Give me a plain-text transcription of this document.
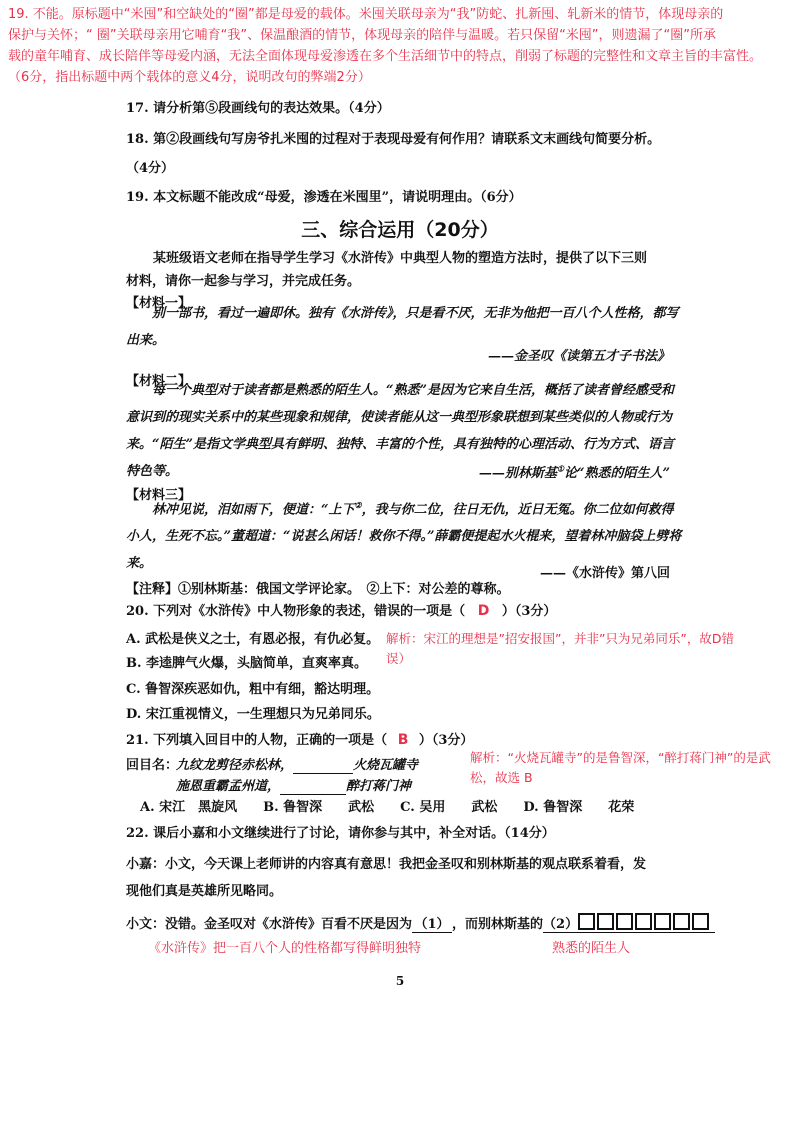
19. 不能。原标题中“米囤”和空缺处的“圈”都是母爱的载体。米囤关联母亲为“我”防蛇、扎新囤、轧新米的情节，体现母亲的
保护与关怀；“ 圈”关联母亲用它哺育“我”、保温酿酒的情节，体现母亲的陪伴与温暖。若只保留“米囤”，则遗漏了“圈”所承
载的童年哺育、成长陪伴等母爱内涵，无法全面体现母爱渗透在多个生活细节中的特点，削弱了标题的完整性和文章主旨的丰富性。
（6分，指出标题中两个载体的意义4分，说明改句的弊端2分）
17. 请分析第⑤段画线句的表达效果。（4分）
18. 第②段画线句写房爷扎米囤的过程对于表现母爱有何作用？请联系文末画线句简要分析。
（4分）
19. 本文标题不能改成“母爱，渗透在米囤里”，请说明理由。（6分）
三、综合运用（20分）
某班级语文老师在指导学生学习《水浒传》中典型人物的塑造方法时，提供了以下三则
材料，请你一起参与学习，并完成任务。
【材料一】
别一部书，看过一遍即休。独有《水浒传》，只是看不厌，无非为他把一百八个人性格，都写出来。
——金圣叹《读第五才子书法》
【材料二】
每一个典型对于读者都是熟悉的陌生人。“熟悉”是因为它来自生活，概括了读者曾经感受和意识到的现实关系中的某些现象和规律，使读者能从这一典型形象联想到某些类似的人物或行为来。“陌生”是指文学典型具有鲜明、独特、丰富的个性，具有独特的心理活动、行为方式、语言特色等。	——别林斯基①论“熟悉的陌生人”
【材料三】
林冲见说，泪如雨下，便道：“上下②，我与你二位，往日无仇，近日无冤。你二位如何救得小人，生死不忘。”董超道：“说甚么闲话！救你不得。”薛霸便提起水火棍来，望着林冲脑袋上劈将来。
——《水浒传》第八回
【注释】①别林斯基：俄国文学评论家。　②上下：对公差的尊称。
20. 下列对《水浒传》中人物形象的表述，错误的一项是（ D ）（3分）
A. 武松是侠义之士，有恩必报，有仇必复。
B. 李逵脾气火爆，头脑简单，直爽率真。
C. 鲁智深疾恶如仇，粗中有细，豁达明理。
D. 宋江重视情义，一生理想只为兄弟同乐。
解析：宋江的理想是”招安报国”，并非”只为兄弟同乐”，故D错
误）
21. 下列填入回目中的人物，正确的一项是（ B ）（3分）
回目名：
九纹龙剪径赤松林，	火烧瓦罐寺
施恩重霸孟州道，	醉打蒋门神
解析：“火烧瓦罐寺”的是鲁智深，“醉打蒋门神”的是武
松，故选 B
A. 宋江　黑旋风　　B. 鲁智深　　武松　　C. 吴用　　武松　　D. 鲁智深　　花荣
22. 课后小嘉和小文继续进行了讨论，请你参与其中，补全对话。（14分）
小嘉：小文，今天课上老师讲的内容真有意思！我把金圣叹和别林斯基的观点联系着看，发
现他们真是英雄所见略同。
小文：没错。金圣叹对《水浒传》百看不厌是因为 （1） ，而别林斯基的（2）
《水浒传》把一百八个人的性格都写得鲜明独特	熟悉的陌生人
5
